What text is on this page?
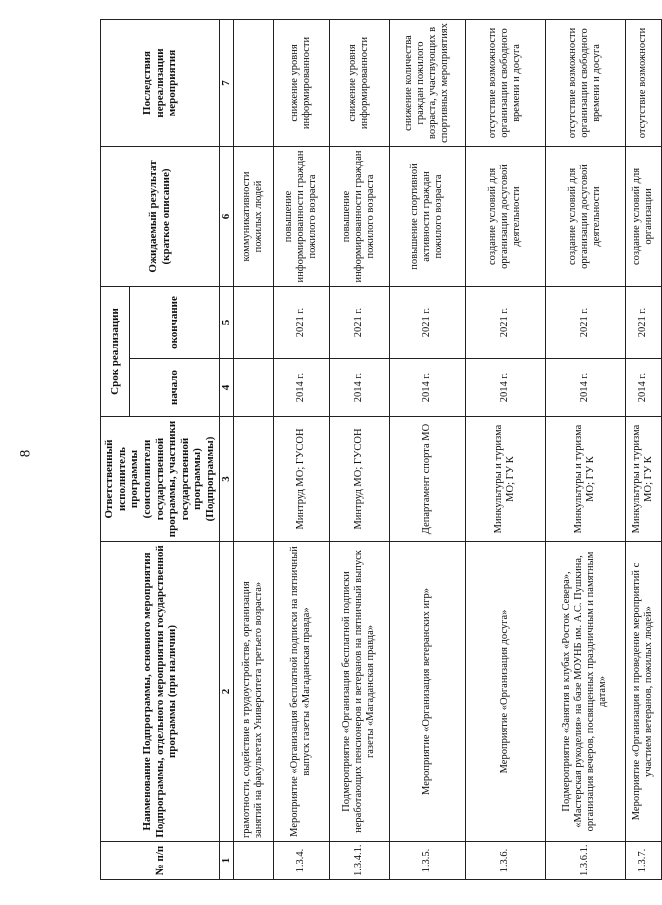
8
№ п/п	Наименование Подпрограммы, основного мероприятия Подпрограммы, отдельного мероприятия государственной программы (при наличии)	Ответственный исполнитель программы (соисполнители государственной программы, участники государственной программы) (Подпрограммы)	Срок реализации		Ожидаемый результат (краткое описание)	Последствия нереализации мероприятия
			начало	окончание		
1	2	3	4	5	6	7
	грамотности, содействие в трудоустройстве, организация занятий на факультетах Университета третьего возраста»				коммуникативности пожилых людей	
1.3.4.	Мероприятие «Организация бесплатной подписки на пятничный выпуск газеты «Магаданская правда»	Минтруд МО; ГУСОН	2014 г.	2021 г.	повышение информированности граждан пожилого возраста	снижение уровня информированности
1.3.4.1.	Подмероприятие «Организация бесплатной подписки неработающих пенсионеров и ветеранов на пятничный выпуск газеты «Магаданская правда»	Минтруд МО; ГУСОН	2014 г.	2021 г.	повышение информированности граждан пожилого возраста	снижение уровня информированности
1.3.5.	Мероприятие «Организация ветеранских игр»	Департамент спорта МО	2014 г.	2021 г.	повышение спортивной активности граждан пожилого возраста	снижение количества граждан пожилого возраста, участвующих в спортивных мероприятиях
1.3.6.	Мероприятие «Организация досуга»	Минкультуры и туризма МО; ГУ К	2014 г.	2021 г.	создание условий для организации досуговой деятельности	отсутствие возможности организации свободного времени и досуга
1.3.6.1.	Подмероприятие «Занятия в клубах «Росток Севера», «Мастерская рукоделия» на базе МОУНБ им. А.С. Пушкина, организация вечеров, посвященных праздничным и памятным датам»	Минкультуры и туризма МО; ГУ К	2014 г.	2021 г.	создание условий для организации досуговой деятельности	отсутствие возможности организации свободного времени и досуга
1.3.7.	Мероприятие «Организация и проведение мероприятий с участием ветеранов, пожилых людей»	Минкультуры и туризма МО; ГУ К	2014 г.	2021 г.	создание условий для организации	отсутствие возможности
